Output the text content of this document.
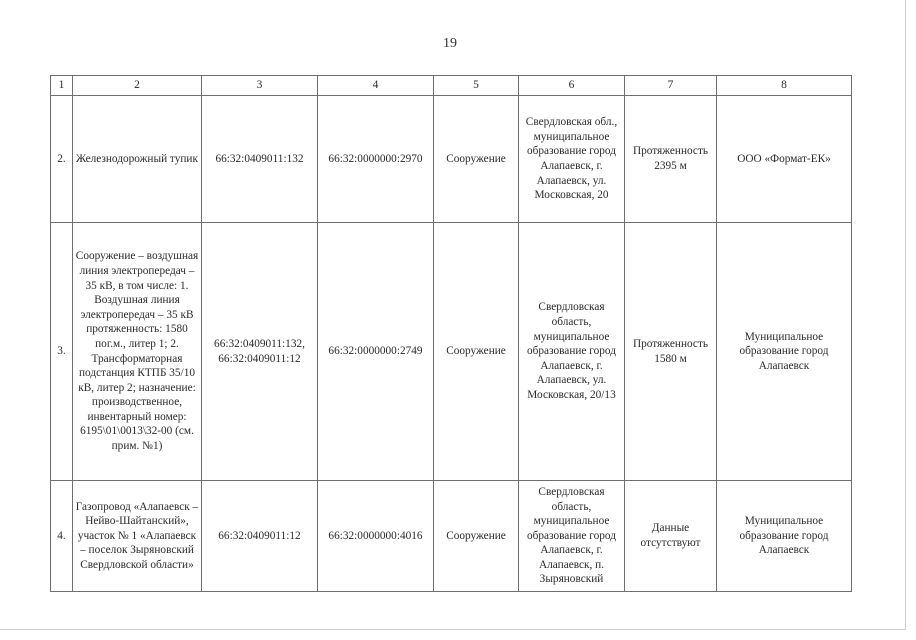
19
1	2	3	4	5	6	7	8
2.	Железнодорожный тупик	66:32:0409011:132	66:32:0000000:2970	Сооружение	Свердловская обл., муниципальное образование город Алапаевск, г. Алапаевск, ул. Московская, 20	Протяженность 2395 м	ООО «Формат-ЕК»
3.	Сооружение – воздушная линия электропередач – 35 кВ, в том числе: 1. Воздушная линия электропередач – 35 кВ протяженность: 1580 пог.м., литер 1; 2. Трансформаторная подстанция КТПБ 35/10 кВ, литер 2; назначение: производственное, инвентарный номер: 6195\01\0013\32-00 (см. прим. №1)	66:32:0409011:132, 66:32:0409011:12	66:32:0000000:2749	Сооружение	Свердловская область, муниципальное образование город Алапаевск, г. Алапаевск, ул. Московская, 20/13	Протяженность 1580 м	Муниципальное образование город Алапаевск
4.	Газопровод «Алапаевск – Нейво-Шайтанский», участок № 1 «Алапаевск – поселок Зыряновский Свердловской области»	66:32:0409011:12	66:32:0000000:4016	Сооружение	Свердловская область, муниципальное образование город Алапаевск, г. Алапаевск, п. Зыряновский	Данные отсутствуют	Муниципальное образование город Алапаевск
